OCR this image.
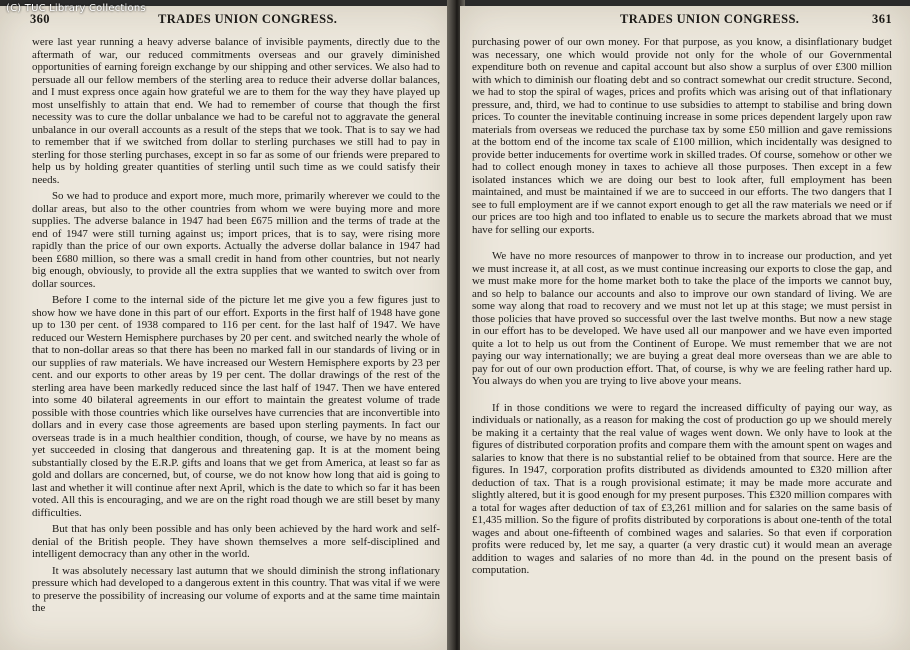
(C) TUC Library Collections
360	TRADES UNION CONGRESS.

were last year running a heavy adverse balance of invisible payments, directly due to the aftermath of war, our reduced commitments overseas and our gravely diminished opportunities of earning foreign exchange by our shipping and other services. We also had to persuade all our fellow members of the sterling area to reduce their adverse dollar balances, and I must express once again how grateful we are to them for the way they have played up most unselfishly to attain that end. We had to remember of course that though the first necessity was to cure the dollar unbalance we had to be careful not to aggravate the general unbalance in our overall accounts as a result of the steps that we took. That is to say we had to remember that if we switched from dollar to sterling purchases we still had to pay in sterling for those sterling purchases, except in so far as some of our friends were prepared to help us by holding greater quantities of sterling until such time as we could satisfy their needs.

So we had to produce and export more, much more, primarily wherever we could to the dollar areas, but also to the other countries from whom we were buying more and more supplies. The adverse balance in 1947 had been £675 million and the terms of trade at the end of 1947 were still turning against us; import prices, that is to say, were rising more rapidly than the price of our own exports. Actually the adverse dollar balance in 1947 had been £680 million, so there was a small credit in hand from other countries, but not nearly big enough, obviously, to provide all the extra supplies that we wanted to switch over from dollar sources.

Before I come to the internal side of the picture let me give you a few figures just to show how we have done in this part of our effort. Exports in the first half of 1948 have gone up to 130 per cent. of 1938 compared to 116 per cent. for the last half of 1947. We have reduced our Western Hemisphere purchases by 20 per cent. and switched nearly the whole of that to non-dollar areas so that there has been no marked fall in our standards of living or in our supplies of raw materials. We have increased our Western Hemisphere exports by 23 per cent. and our exports to other areas by 19 per cent. The dollar drawings of the rest of the sterling area have been markedly reduced since the last half of 1947. Then we have entered into some 40 bilateral agreements in our effort to maintain the greatest volume of trade possible with those countries which like ourselves have currencies that are inconvertible into dollars and in every case those agreements are based upon sterling payments. In fact our overseas trade is in a much healthier condition, though, of course, we have by no means as yet succeeded in closing that dangerous and threatening gap. It is at the moment being substantially closed by the E.R.P. gifts and loans that we get from America, at least so far as gold and dollars are concerned, but, of course, we do not know how long that aid is going to last and whether it will continue after next April, which is the date to which so far it has been voted. All this is encouraging, and we are on the right road though we are still beset by many difficulties.

But that has only been possible and has only been achieved by the hard work and self-denial of the British people. They have shown themselves a more self-disciplined and intelligent democracy than any other in the world.

It was absolutely necessary last autumn that we should diminish the strong inflationary pressure which had developed to a dangerous extent in this country. That was vital if we were to preserve the possibility of increasing our volume of exports and at the same time maintain the

TRADES UNION CONGRESS.	361

purchasing power of our own money. For that purpose, as you know, a disinflationary budget was necessary, one which would provide not only for the whole of our Governmental expenditure both on revenue and capital account but also show a surplus of over £300 million with which to diminish our floating debt and so contract somewhat our credit structure. Second, we had to stop the spiral of wages, prices and profits which was arising out of that inflationary pressure, and, third, we had to continue to use subsidies to attempt to stabilise and bring down prices. To counter the inevitable continuing increase in some prices dependent largely upon raw materials from overseas we reduced the purchase tax by some £50 million and gave remissions at the bottom end of the income tax scale of £100 million, which incidentally was designed to provide better inducements for overtime work in skilled trades. Of course, somehow or other we had to collect enough money in taxes to achieve all those purposes. Then except in a few isolated instances which we are doing our best to look after, full employment has been maintained, and must be maintained if we are to succeed in our efforts. The two dangers that I see to full employment are if we cannot export enough to get all the raw materials we need or if our prices are too high and too inflated to enable us to secure the markets abroad that we must have for selling our exports.

We have no more resources of manpower to throw in to increase our production, and yet we must increase it, at all cost, as we must continue increasing our exports to close the gap, and we must make more for the home market both to take the place of the imports we cannot buy, and so help to balance our accounts and also to improve our own standard of living. We are some way along that road to recovery and we must not let up at this stage; we must persist in those policies that have proved so successful over the last twelve months. But now a new stage in our effort has to be developed. We have used all our manpower and we have even imported quite a lot to help us out from the Continent of Europe. We must remember that we are not paying our way internationally; we are buying a great deal more overseas than we are able to pay for out of our own production effort. That, of course, is why we are feeling rather hard up. You always do when you are trying to live above your means.

If in those conditions we were to regard the increased difficulty of paying our way, as individuals or nationally, as a reason for making the cost of production go up we should merely be making it a certainty that the real value of wages went down. We only have to look at the figures of distributed corporation profits and compare them with the amount spent on wages and salaries to know that there is no substantial relief to be obtained from that source. Here are the figures. In 1947, corporation profits distributed as dividends amounted to £320 million after deduction of tax. That is a rough provisional estimate; it may be made more accurate and slightly altered, but it is good enough for my present purposes. This £320 million compares with a total for wages after deduction of tax of £3,261 million and for salaries on the same basis of £1,435 million. So the figure of profits distributed by corporations is about one-tenth of the total wages and about one-fifteenth of combined wages and salaries. So that even if corporation profits were reduced by, let me say, a quarter (a very drastic cut) it would mean an average addition to wages and salaries of no more than 4d. in the pound on the present basis of computation.
